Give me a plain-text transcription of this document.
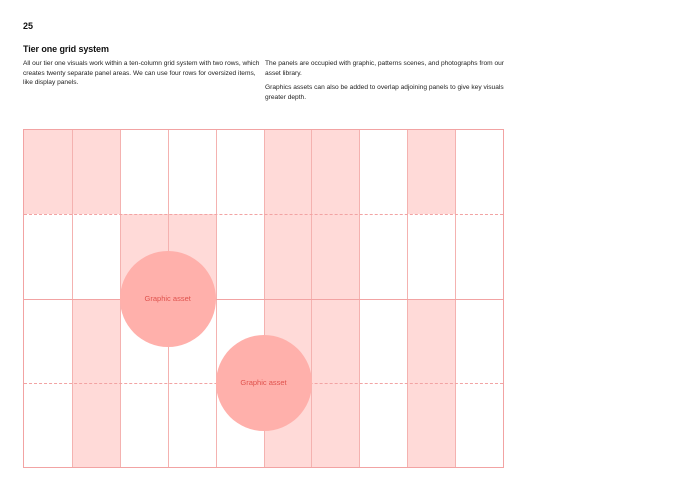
25
Tier one grid system

All our tier one visuals work within a ten-column grid system with two rows, which creates twenty separate panel areas. We can use four rows for oversized items, like display panels.

The panels are occupied with graphic, patterns scenes, and photographs from our asset library.

Graphics assets can also be added to overlap adjoining panels to give key visuals greater depth.

Graphic asset
Graphic asset
